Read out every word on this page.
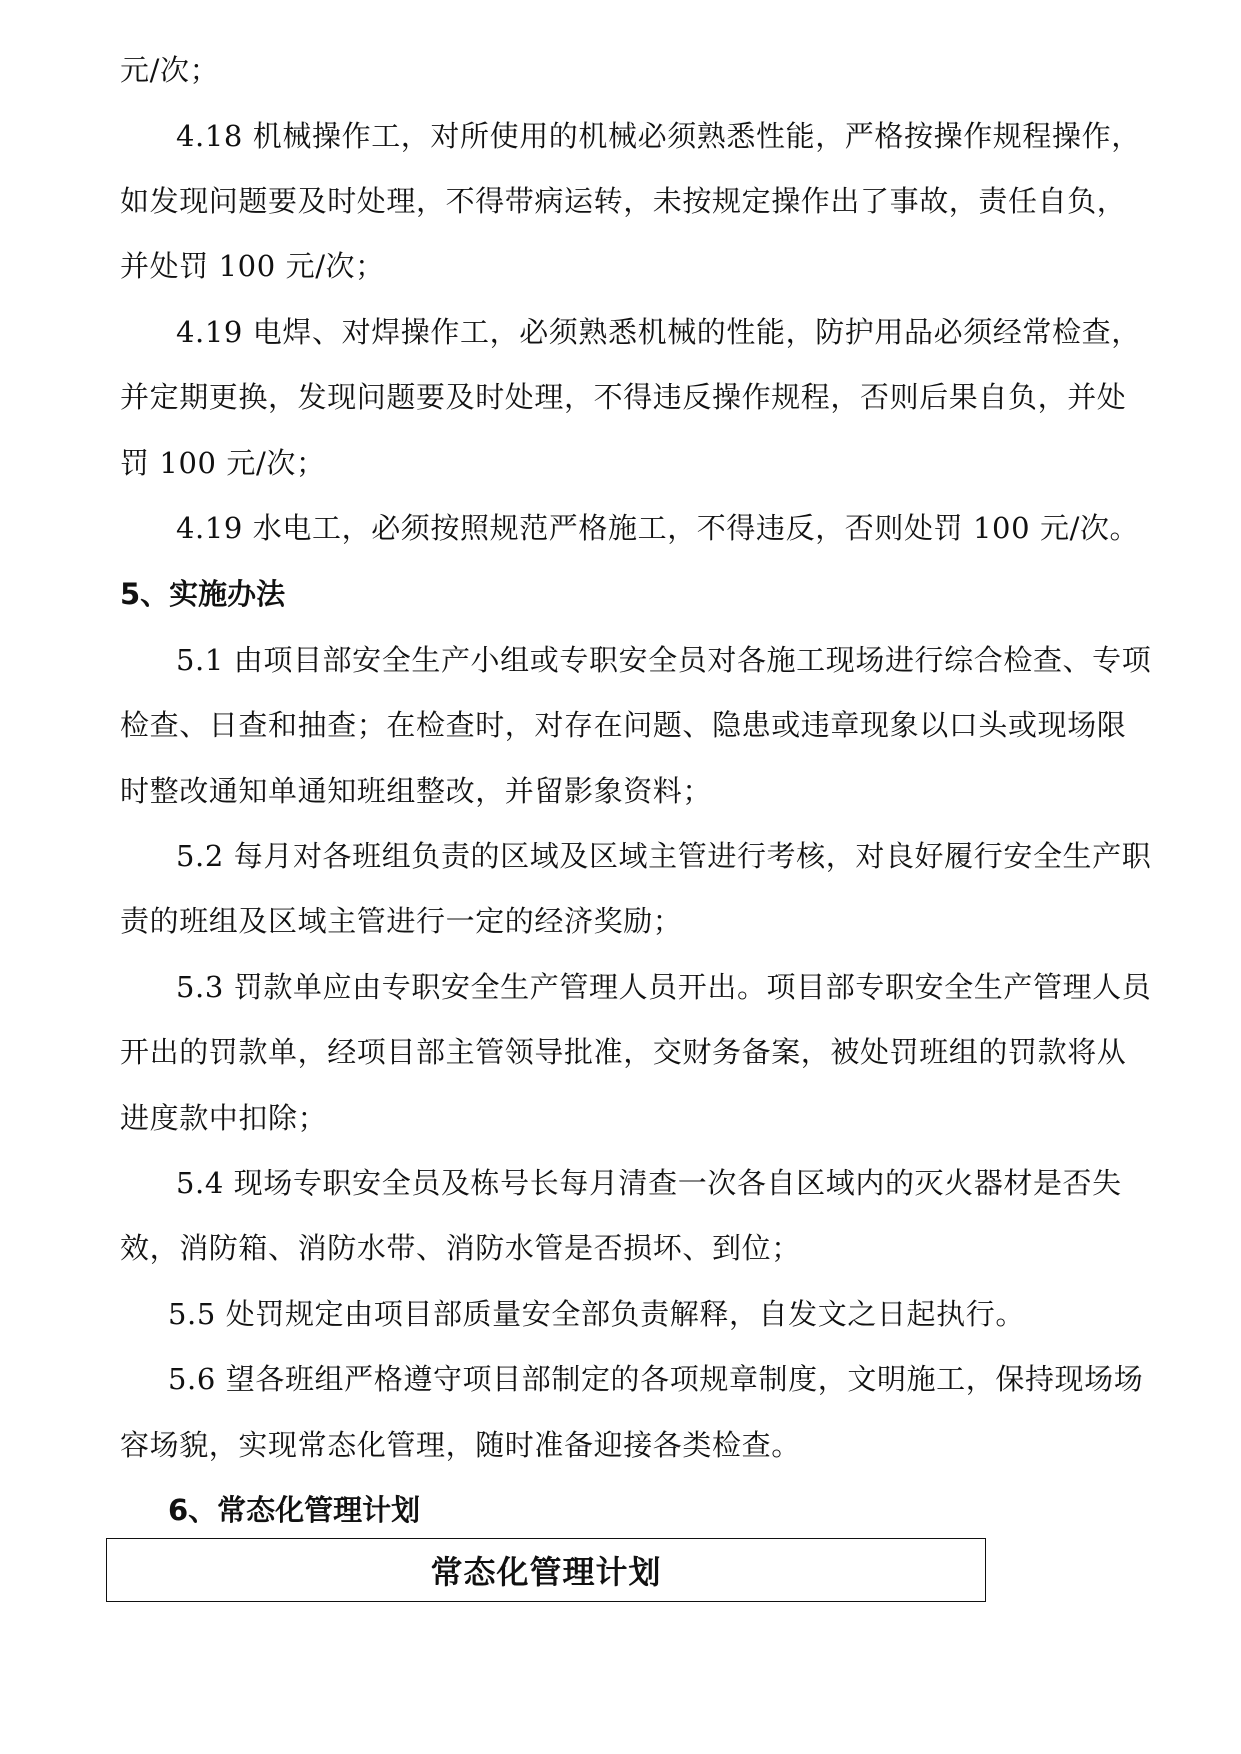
元/次；
4.18 机械操作工，对所使用的机械必须熟悉性能，严格按操作规程操作，
如发现问题要及时处理，不得带病运转，未按规定操作出了事故，责任自负，
并处罚 100 元/次；
4.19 电焊、对焊操作工，必须熟悉机械的性能，防护用品必须经常检查，
并定期更换，发现问题要及时处理，不得违反操作规程，否则后果自负，并处
罚 100 元/次；
4.19 水电工，必须按照规范严格施工，不得违反，否则处罚 100 元/次。
5、实施办法
5.1 由项目部安全生产小组或专职安全员对各施工现场进行综合检查、专项
检查、日查和抽查；在检查时，对存在问题、隐患或违章现象以口头或现场限
时整改通知单通知班组整改，并留影象资料；
5.2 每月对各班组负责的区域及区域主管进行考核，对良好履行安全生产职
责的班组及区域主管进行一定的经济奖励；
5.3 罚款单应由专职安全生产管理人员开出。项目部专职安全生产管理人员
开出的罚款单，经项目部主管领导批准，交财务备案，被处罚班组的罚款将从
进度款中扣除；
5.4 现场专职安全员及栋号长每月清查一次各自区域内的灭火器材是否失
效，消防箱、消防水带、消防水管是否损坏、到位；
5.5 处罚规定由项目部质量安全部负责解释，自发文之日起执行。
5.6 望各班组严格遵守项目部制定的各项规章制度，文明施工，保持现场场
容场貌，实现常态化管理，随时准备迎接各类检查。
6、常态化管理计划
常态化管理计划
